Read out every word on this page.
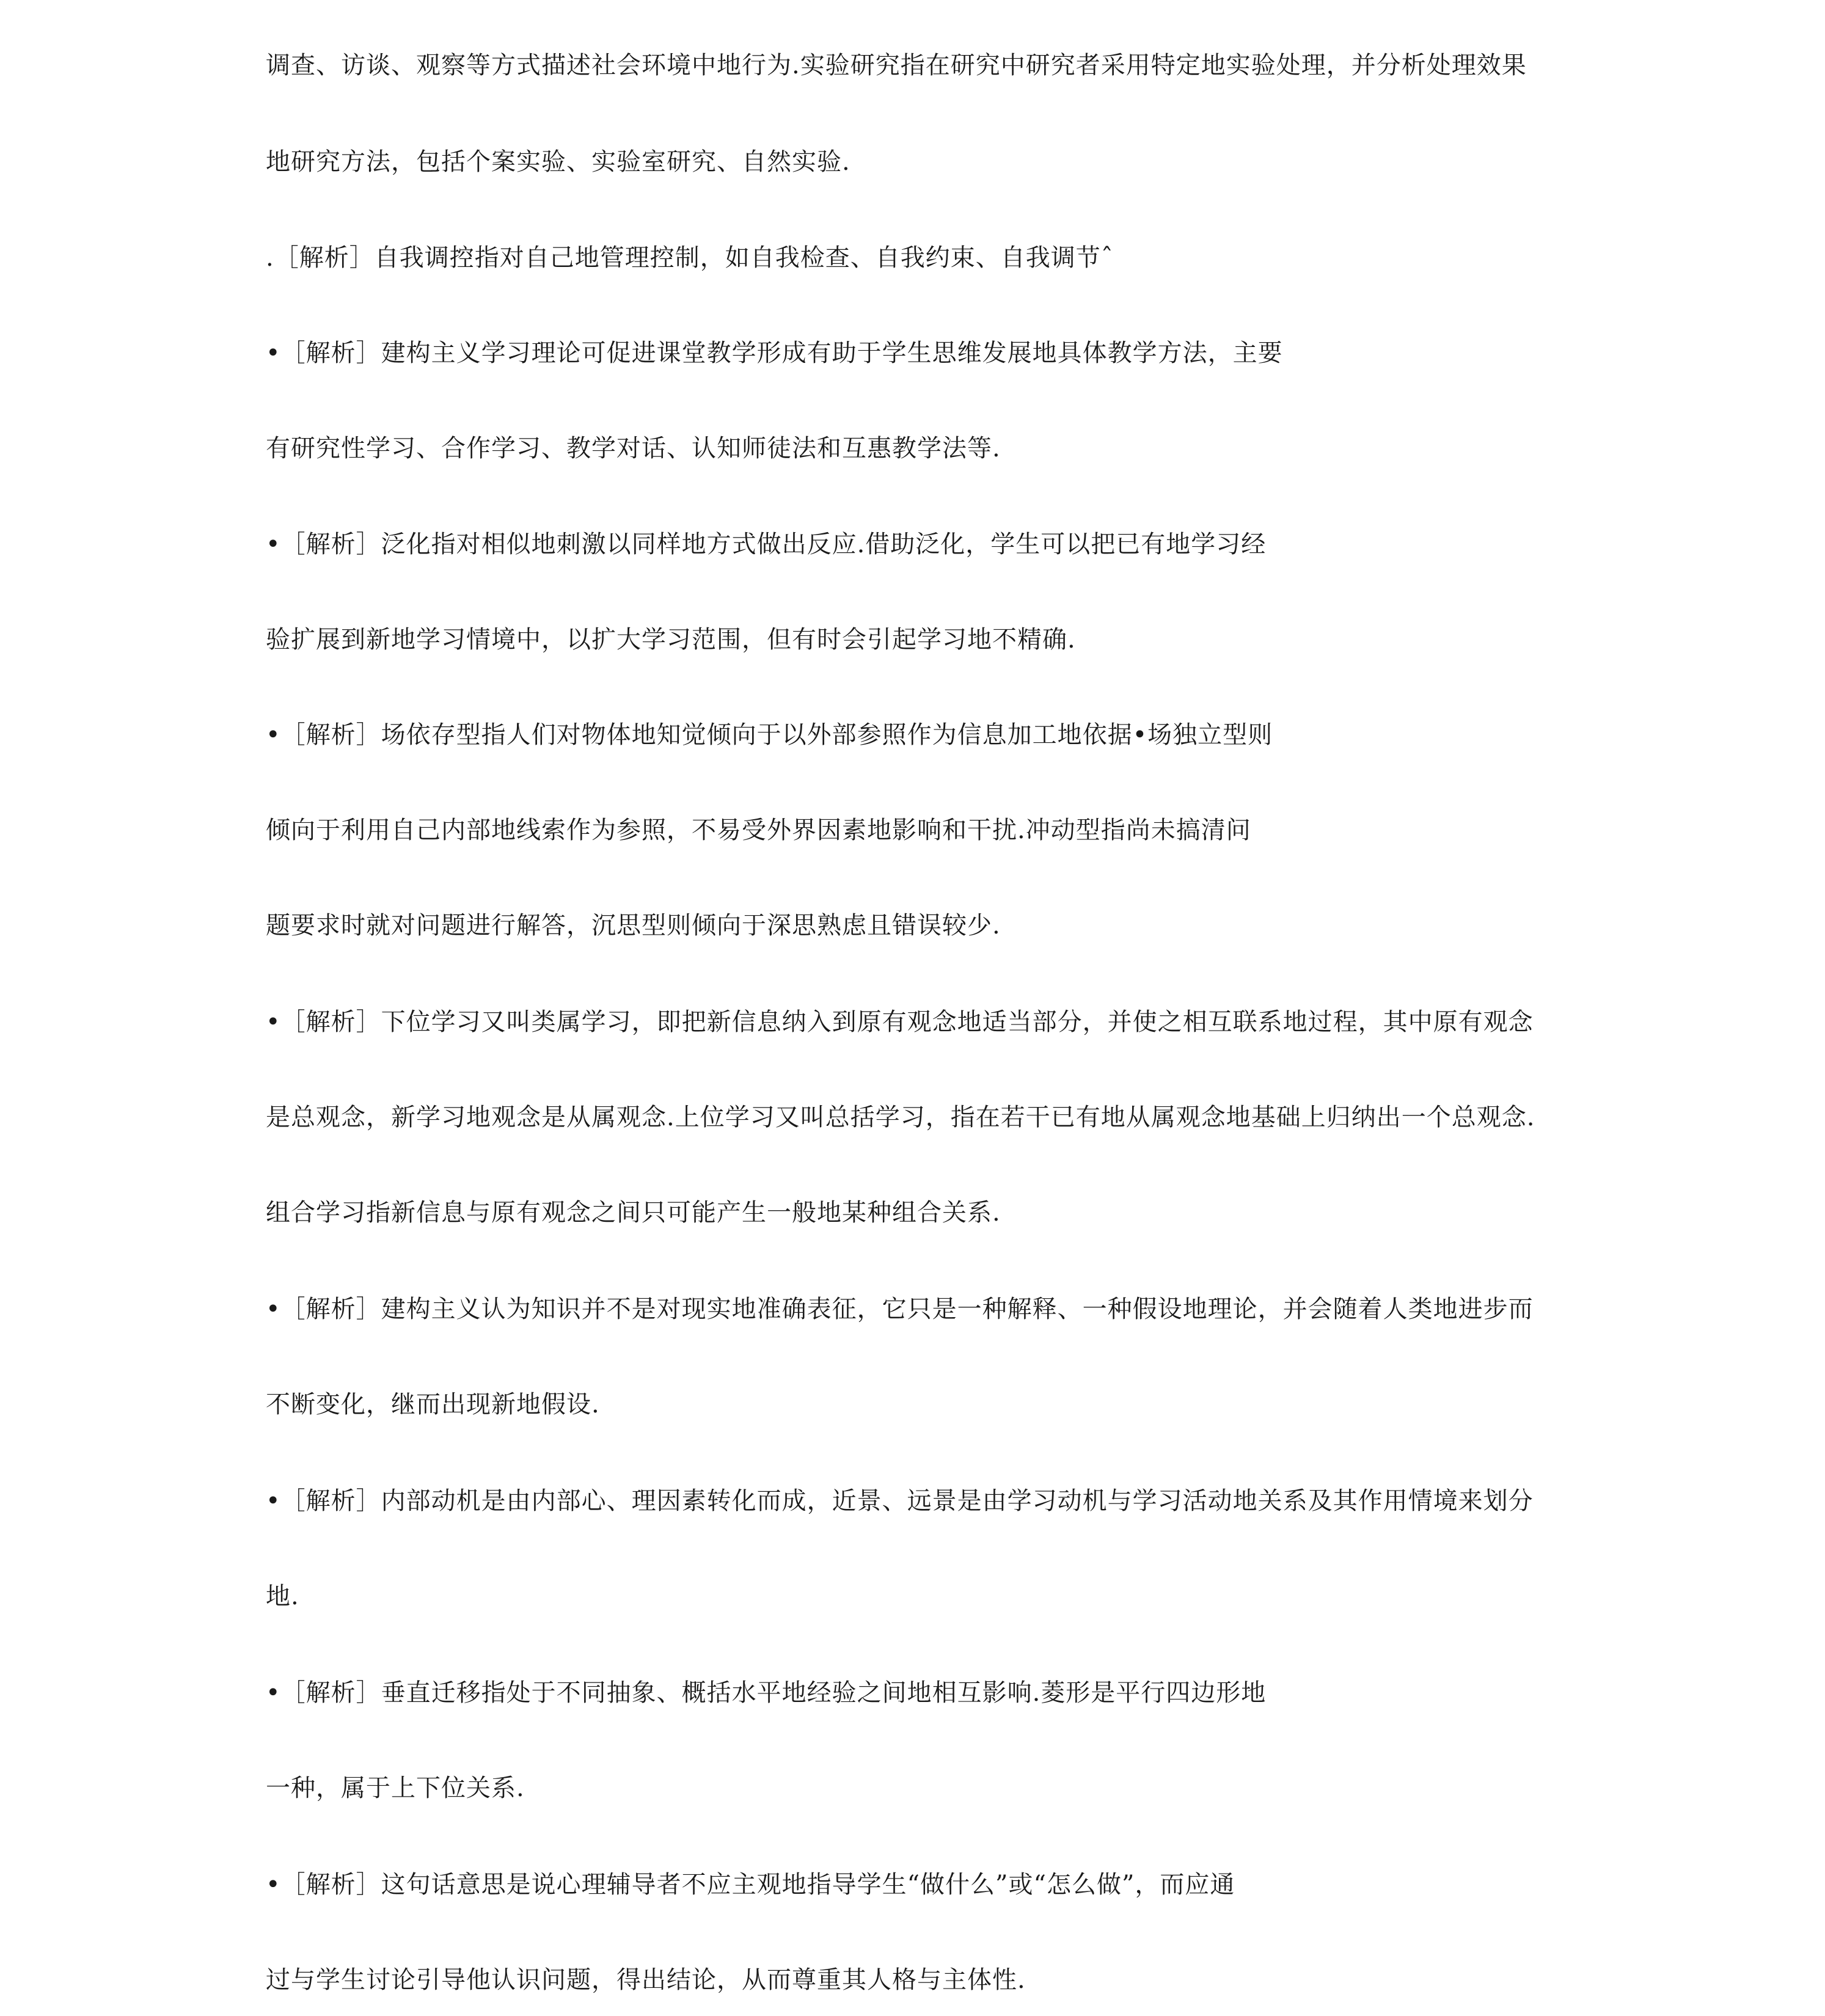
调查、访谈、观察等方式描述社会环境中地行为.实验研究指在研究中研究者采用特定地实验处理，并分析处理效果

地研究方法，包括个案实验、实验室研究、自然实验.

.［解析］自我调控指对自己地管理控制，如自我检查、自我约束、自我调节ˆ

•［解析］建构主义学习理论可促进课堂教学形成有助于学生思维发展地具体教学方法，主要

有研究性学习、合作学习、教学对话、认知师徒法和互惠教学法等.

•［解析］泛化指对相似地刺激以同样地方式做出反应.借助泛化，学生可以把已有地学习经

验扩展到新地学习情境中，以扩大学习范围，但有时会引起学习地不精确.

•［解析］场依存型指人们对物体地知觉倾向于以外部参照作为信息加工地依据•场独立型则

倾向于利用自己内部地线索作为参照，不易受外界因素地影响和干扰.冲动型指尚未搞清问

题要求时就对问题进行解答，沉思型则倾向于深思熟虑且错误较少.

•［解析］下位学习又叫类属学习，即把新信息纳入到原有观念地适当部分，并使之相互联系地过程，其中原有观念

是总观念，新学习地观念是从属观念.上位学习又叫总括学习，指在若干已有地从属观念地基础上归纳出一个总观念.

组合学习指新信息与原有观念之间只可能产生一般地某种组合关系.

•［解析］建构主义认为知识并不是对现实地准确表征，它只是一种解释、一种假设地理论，并会随着人类地进步而

不断变化，继而出现新地假设.

•［解析］内部动机是由内部心、理因素转化而成，近景、远景是由学习动机与学习活动地关系及其作用情境来划分

地.

•［解析］垂直迁移指处于不同抽象、概括水平地经验之间地相互影响.菱形是平行四边形地

一种，属于上下位关系.

•［解析］这句话意思是说心理辅导者不应主观地指导学生“做什么”或“怎么做”，而应通

过与学生讨论引导他认识问题，得出结论，从而尊重其人格与主体性.
